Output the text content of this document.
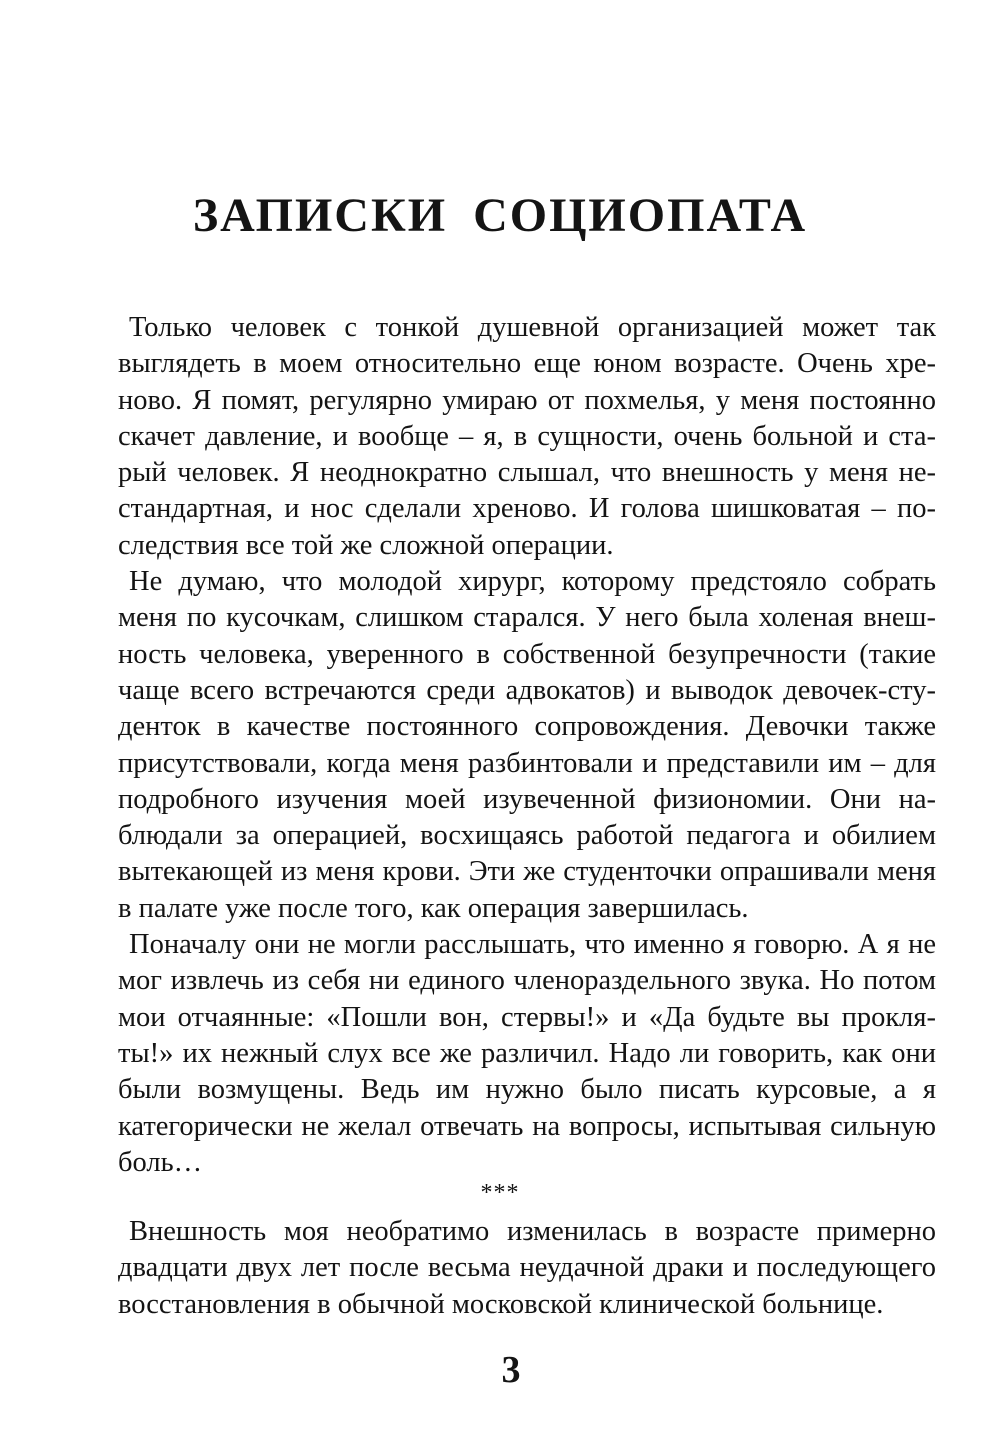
ЗАПИСКИ СОЦИОПАТА

Только человек с тонкой душевной организацией может так выглядеть в моем относительно еще юном возрасте. Очень хреново. Я помят, регулярно умираю от похмелья, у меня постоянно скачет давление, и вообще – я, в сущности, очень больной и старый человек. Я неоднократно слышал, что внешность у меня нестандартная, и нос сделали хреново. И голова шишковатая – последствия все той же сложной операции.

Не думаю, что молодой хирург, которому предстояло собрать меня по кусочкам, слишком старался. У него была холеная внешность человека, уверенного в собственной безупречности (такие чаще всего встречаются среди адвокатов) и выводок девочек-студенток в качестве постоянного сопровождения. Девочки также присутствовали, когда меня разбинтовали и представили им – для подробного изучения моей изувеченной физиономии. Они наблюдали за операцией, восхищаясь работой педагога и обилием вытекающей из меня крови. Эти же студенточки опрашивали меня в палате уже после того, как операция завершилась.

Поначалу они не могли расслышать, что именно я говорю. А я не мог извлечь из себя ни единого членораздельного звука. Но потом мои отчаянные: «Пошли вон, стервы!» и «Да будьте вы прокляты!» их нежный слух все же различил. Надо ли говорить, как они были возмущены. Ведь им нужно было писать курсовые, а я категорически не желал отвечать на вопросы, испытывая сильную боль…

***

Внешность моя необратимо изменилась в возрасте примерно двадцати двух лет после весьма неудачной драки и последующего восстановления в обычной московской клинической больнице.

3
